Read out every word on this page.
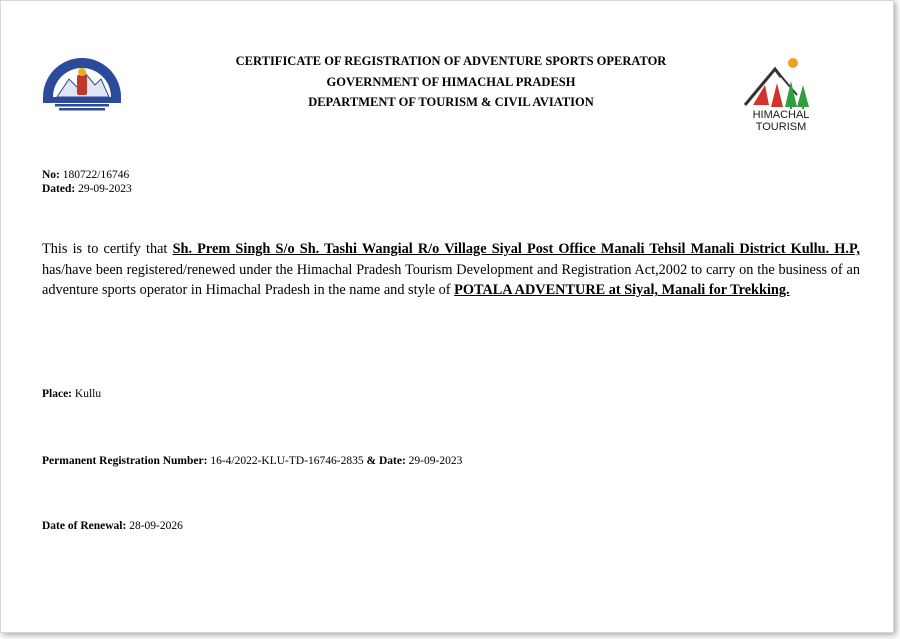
CERTIFICATE OF REGISTRATION OF ADVENTURE SPORTS OPERATOR
GOVERNMENT OF HIMACHAL PRADESH
DEPARTMENT OF TOURISM & CIVIL AVIATION
HIMACHAL
TOURISM
No: 180722/16746
Dated: 29-09-2023
This is to certify that Sh. Prem Singh S/o Sh. Tashi Wangial R/o Village Siyal Post Office Manali Tehsil Manali District Kullu. H.P, has/have been registered/renewed under the Himachal Pradesh Tourism Development and Registration Act,2002 to carry on the business of an adventure sports operator in Himachal Pradesh in the name and style of POTALA ADVENTURE at Siyal, Manali for Trekking.
Place: Kullu
Permanent Registration Number: 16-4/2022-KLU-TD-16746-2835 & Date: 29-09-2023
Date of Renewal: 28-09-2026
